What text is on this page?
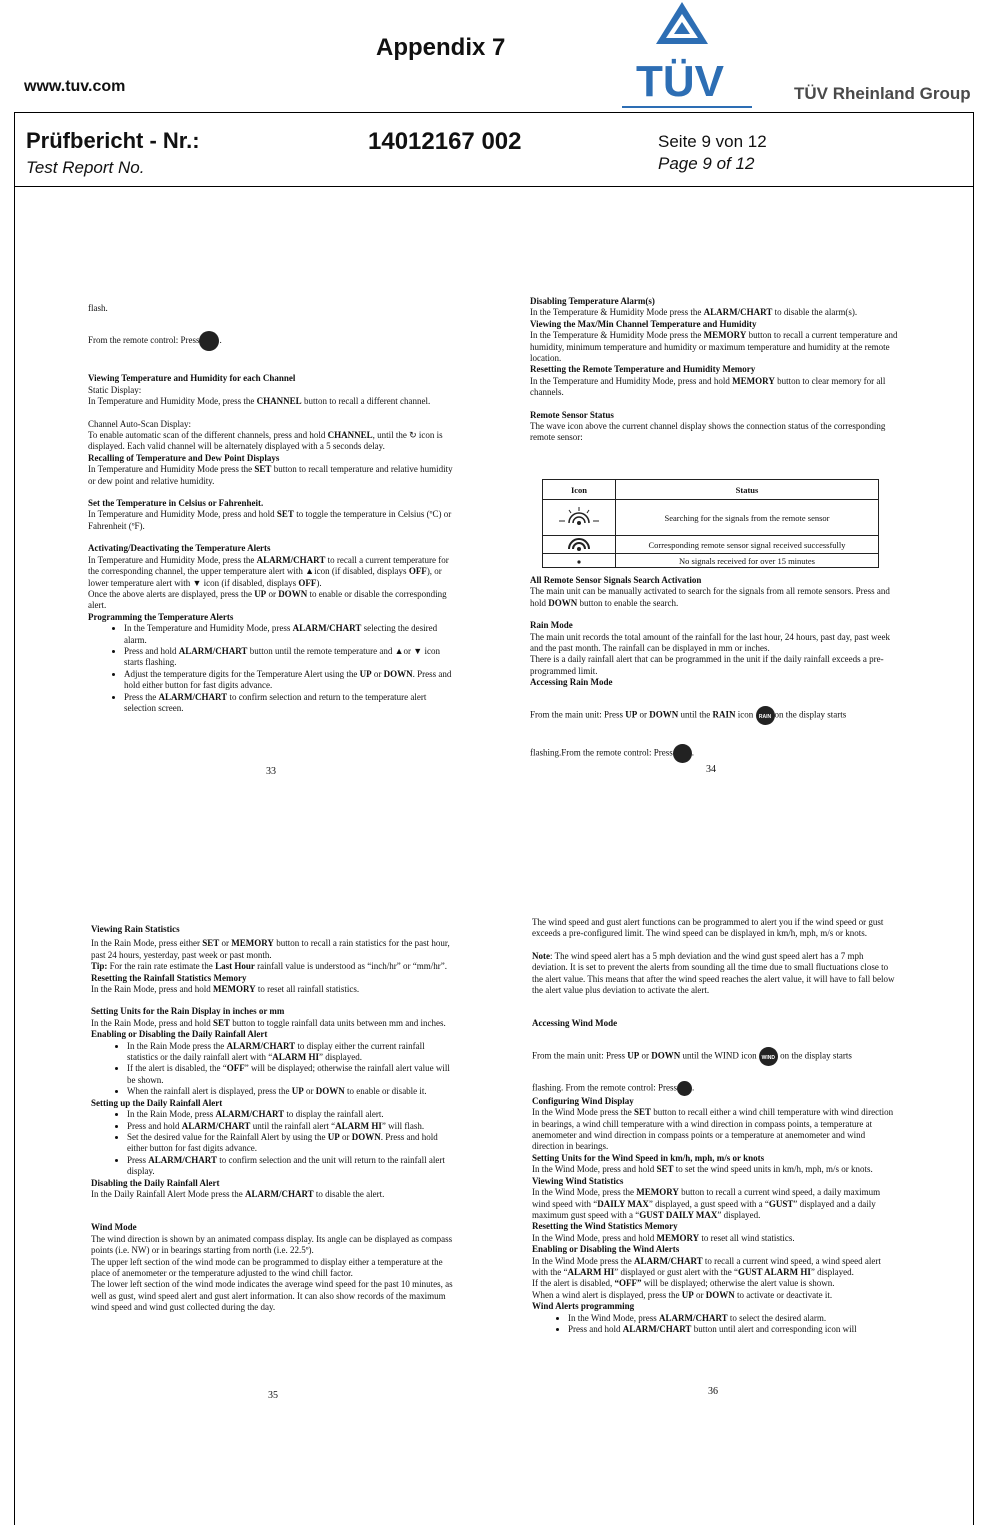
www.tuv.com
Appendix 7
TÜV	TÜV Rheinland Group
Prüfbericht - Nr.:
Test Report No.
14012167 002	Seite 9 von 12
Page 9 of 12

flash.

From the remote control: Press .

Viewing Temperature and Humidity for each Channel

Static Display:

In Temperature and Humidity Mode, press the CHANNEL button to recall a different channel.

Channel Auto-Scan Display:

To enable automatic scan of the different channels, press and hold CHANNEL, until the ↻ icon is displayed. Each valid channel will be alternately displayed with a 5 seconds delay.

Recalling of Temperature and Dew Point Displays

In Temperature and Humidity Mode press the SET button to recall temperature and relative humidity or dew point and relative humidity.

Set the Temperature in Celsius or Fahrenheit.

In Temperature and Humidity Mode, press and hold SET to toggle the temperature in Celsius (ºC) or Fahrenheit (ºF).

Activating/Deactivating the Temperature Alerts

In Temperature and Humidity Mode, press the ALARM/CHART to recall a current temperature for the corresponding channel, the upper temperature alert with ▲icon (if disabled, displays OFF), or lower temperature alert with ▼ icon (if disabled, displays OFF).

Once the above alerts are displayed, press the UP or DOWN to enable or disable the corresponding alert.

Programming the Temperature Alerts

• In the Temperature and Humidity Mode, press ALARM/CHART selecting the desired alarm.
• Press and hold ALARM/CHART button until the remote temperature and ▲or ▼ icon starts flashing.
• Adjust the temperature digits for the Temperature Alert using the UP or DOWN. Press and hold either button for fast digits advance.
• Press the ALARM/CHART to confirm selection and return to the temperature alert selection screen.
33

Disabling Temperature Alarm(s)

In the Temperature & Humidity Mode press the ALARM/CHART to disable the alarm(s).

Viewing the Max/Min Channel Temperature and Humidity

In the Temperature & Humidity Mode press the MEMORY button to recall a current temperature and humidity, minimum temperature and humidity or maximum temperature and humidity at the remote location.

Resetting the Remote Temperature and Humidity Memory

In the Temperature and Humidity Mode, press and hold MEMORY button to clear memory for all channels.

Remote Sensor Status

The wave icon above the current channel display shows the connection status of the corresponding remote sensor:

Icon	Status
	Searching for the signals from the remote sensor
	Corresponding remote sensor signal received successfully
	No signals received for over 15 minutes

All Remote Sensor Signals Search Activation

The main unit can be manually activated to search for the signals from all remote sensors. Press and hold DOWN button to enable the search.

Rain Mode

The main unit records the total amount of the rainfall for the last hour, 24 hours, past day, past week and the past month. The rainfall can be displayed in mm or inches.

There is a daily rainfall alert that can be programmed in the unit if the daily rainfall exceeds a pre-programmed limit.

Accessing Rain Mode

From the main unit: Press UP or DOWN until the RAIN icon	RAIN on the display starts

flashing.From the remote control: Press .

34

Viewing Rain Statistics

In the Rain Mode, press either SET or MEMORY button to recall a rain statistics for the past hour, past 24 hours, yesterday, past week or past month.

Tip: For the rain rate estimate the Last Hour rainfall value is understood as “inch/hr” or “mm/hr”.

Resetting the Rainfall Statistics Memory

In the Rain Mode, press and hold MEMORY to reset all rainfall statistics.

Setting Units for the Rain Display in inches or mm

In the Rain Mode, press and hold SET button to toggle rainfall data units between mm and inches.

Enabling or Disabling the Daily Rainfall Alert

• In the Rain Mode press the ALARM/CHART to display either the current rainfall statistics or the daily rainfall alert with “ALARM HI” displayed.
• If the alert is disabled, the “OFF” will be displayed; otherwise the rainfall alert value will be shown.
• When the rainfall alert is displayed, press the UP or DOWN to enable or disable it.

Setting up the Daily Rainfall Alert

• In the Rain Mode, press ALARM/CHART to display the rainfall alert.
• Press and hold ALARM/CHART until the rainfall alert “ALARM HI” will flash.
• Set the desired value for the Rainfall Alert by using the UP or DOWN. Press and hold either button for fast digits advance.
• Press ALARM/CHART to confirm selection and the unit will return to the rainfall alert display.

Disabling the Daily Rainfall Alert

In the Daily Rainfall Alert Mode press the ALARM/CHART to disable the alert.

Wind Mode

The wind direction is shown by an animated compass display. Its angle can be displayed as compass points (i.e. NW) or in bearings starting from north (i.e. 22.5º).

The upper left section of the wind mode can be programmed to display either a temperature at the place of anemometer or the temperature adjusted to the wind chill factor.

The lower left section of the wind mode indicates the average wind speed for the past 10 minutes, as well as gust, wind speed alert and gust alert information. It can also show records of the maximum wind speed and wind gust collected during the day.

35

The wind speed and gust alert functions can be programmed to alert you if the wind speed or gust exceeds a pre-configured limit. The wind speed can be displayed in km/h, mph, m/s or knots.

Note: The wind speed alert has a 5 mph deviation and the wind gust speed alert has a 7 mph deviation. It is set to prevent the alerts from sounding all the time due to small fluctuations close to the alert value. This means that after the wind speed reaches the alert value, it will have to fall below the alert value plus deviation to activate the alert.

Accessing Wind Mode

From the main unit: Press UP or DOWN until the WIND icon	WIND on the display starts

flashing. From the remote control: Press .

Configuring Wind Display

In the Wind Mode press the SET button to recall either a wind chill temperature with wind direction in bearings, a wind chill temperature with a wind direction in compass points, a temperature at anemometer and wind direction in compass points or a temperature at anemometer and wind direction in bearings.

Setting Units for the Wind Speed in km/h, mph, m/s or knots

In the Wind Mode, press and hold SET to set the wind speed units in km/h, mph, m/s or knots.

Viewing Wind Statistics

In the Wind Mode, press the MEMORY button to recall a current wind speed, a daily maximum wind speed with “DAILY MAX” displayed, a gust speed with a “GUST” displayed and a daily maximum gust speed with a “GUST DAILY MAX” displayed.

Resetting the Wind Statistics Memory

In the Wind Mode, press and hold MEMORY to reset all wind statistics.

Enabling or Disabling the Wind Alerts

In the Wind Mode press the ALARM/CHART to recall a current wind speed, a wind speed alert with the “ALARM HI” displayed or gust alert with the “GUST ALARM HI” displayed.

If the alert is disabled, “OFF” will be displayed; otherwise the alert value is shown.

When a wind alert is displayed, press the UP or DOWN to activate or deactivate it.

Wind Alerts programming

• In the Wind Mode, press ALARM/CHART to select the desired alarm.
• Press and hold ALARM/CHART button until alert and corresponding icon will
36
